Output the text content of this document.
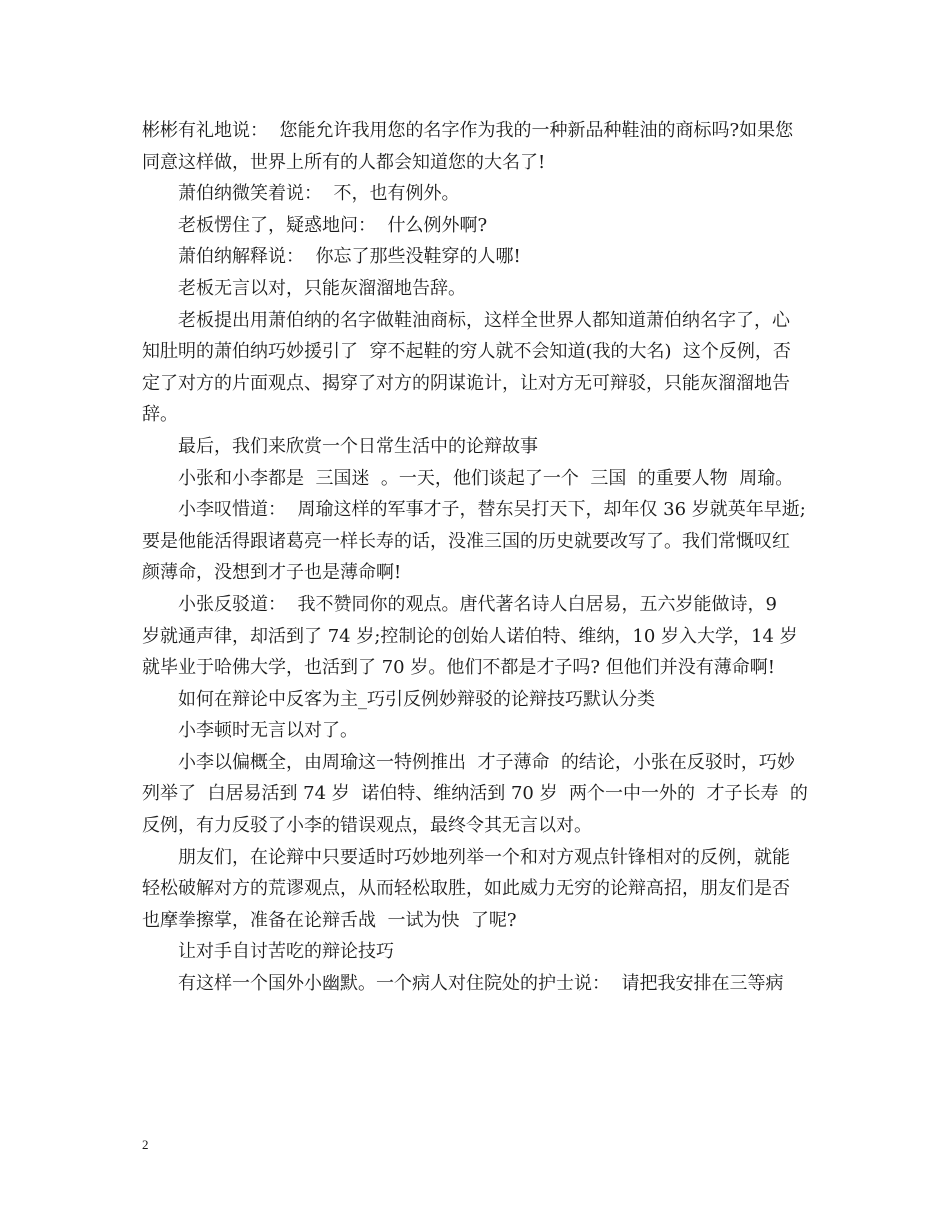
彬彬有礼地说：  您能允许我用您的名字作为我的一种新品种鞋油的商标吗?如果您
同意这样做，世界上所有的人都会知道您的大名了!
萧伯纳微笑着说：  不，也有例外。
老板愣住了，疑惑地问：  什么例外啊?
萧伯纳解释说：  你忘了那些没鞋穿的人哪!
老板无言以对，只能灰溜溜地告辞。
老板提出用萧伯纳的名字做鞋油商标，这样全世界人都知道萧伯纳名字了，心
知肚明的萧伯纳巧妙援引了  穿不起鞋的穷人就不会知道(我的大名)  这个反例，否
定了对方的片面观点、揭穿了对方的阴谋诡计，让对方无可辩驳，只能灰溜溜地告
辞。
最后，我们来欣赏一个日常生活中的论辩故事
小张和小李都是  三国迷  。一天，他们谈起了一个  三国  的重要人物  周瑜。
小李叹惜道：  周瑜这样的军事才子，替东吴打天下，却年仅 36 岁就英年早逝;
要是他能活得跟诸葛亮一样长寿的话，没准三国的历史就要改写了。我们常慨叹红
颜薄命，没想到才子也是薄命啊!
小张反驳道：  我不赞同你的观点。唐代著名诗人白居易，五六岁能做诗，9
岁就通声律，却活到了 74 岁;控制论的创始人诺伯特、维纳，10 岁入大学，14 岁
就毕业于哈佛大学，也活到了 70 岁。他们不都是才子吗? 但他们并没有薄命啊!
如何在辩论中反客为主_巧引反例妙辩驳的论辩技巧默认分类
小李顿时无言以对了。
小李以偏概全，由周瑜这一特例推出  才子薄命  的结论，小张在反驳时，巧妙
列举了  白居易活到 74 岁  诺伯特、维纳活到 70 岁  两个一中一外的  才子长寿  的
反例，有力反驳了小李的错误观点，最终令其无言以对。
朋友们，在论辩中只要适时巧妙地列举一个和对方观点针锋相对的反例，就能
轻松破解对方的荒谬观点，从而轻松取胜，如此威力无穷的论辩高招，朋友们是否
也摩拳擦掌，准备在论辩舌战  一试为快  了呢?
让对手自讨苦吃的辩论技巧
有这样一个国外小幽默。一个病人对住院处的护士说：  请把我安排在三等病
2
